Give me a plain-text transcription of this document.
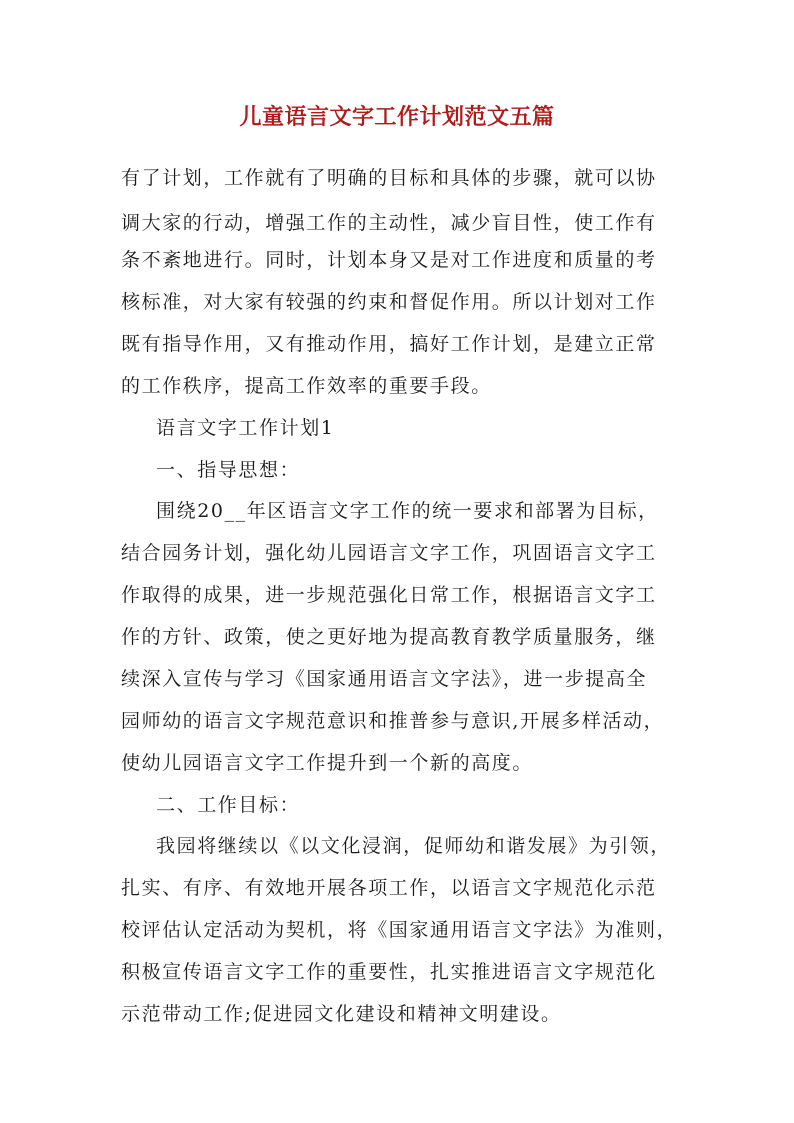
儿童语言文字工作计划范文五篇
有了计划，工作就有了明确的目标和具体的步骤，就可以协
调大家的行动，增强工作的主动性，减少盲目性，使工作有
条不紊地进行。同时，计划本身又是对工作进度和质量的考
核标准，对大家有较强的约束和督促作用。所以计划对工作
既有指导作用，又有推动作用，搞好工作计划，是建立正常
的工作秩序，提高工作效率的重要手段。
语言文字工作计划1
一、指导思想：
围绕20__年区语言文字工作的统一要求和部署为目标，
结合园务计划，强化幼儿园语言文字工作，巩固语言文字工
作取得的成果，进一步规范强化日常工作，根据语言文字工
作的方针、政策，使之更好地为提高教育教学质量服务，继
续深入宣传与学习《国家通用语言文字法》，进一步提高全
园师幼的语言文字规范意识和推普参与意识,开展多样活动，
使幼儿园语言文字工作提升到一个新的高度。
二、工作目标：
我园将继续以《以文化浸润，促师幼和谐发展》为引领，
扎实、有序、有效地开展各项工作，以语言文字规范化示范
校评估认定活动为契机，将《国家通用语言文字法》为准则，
积极宣传语言文字工作的重要性，扎实推进语言文字规范化
示范带动工作;促进园文化建设和精神文明建设。
